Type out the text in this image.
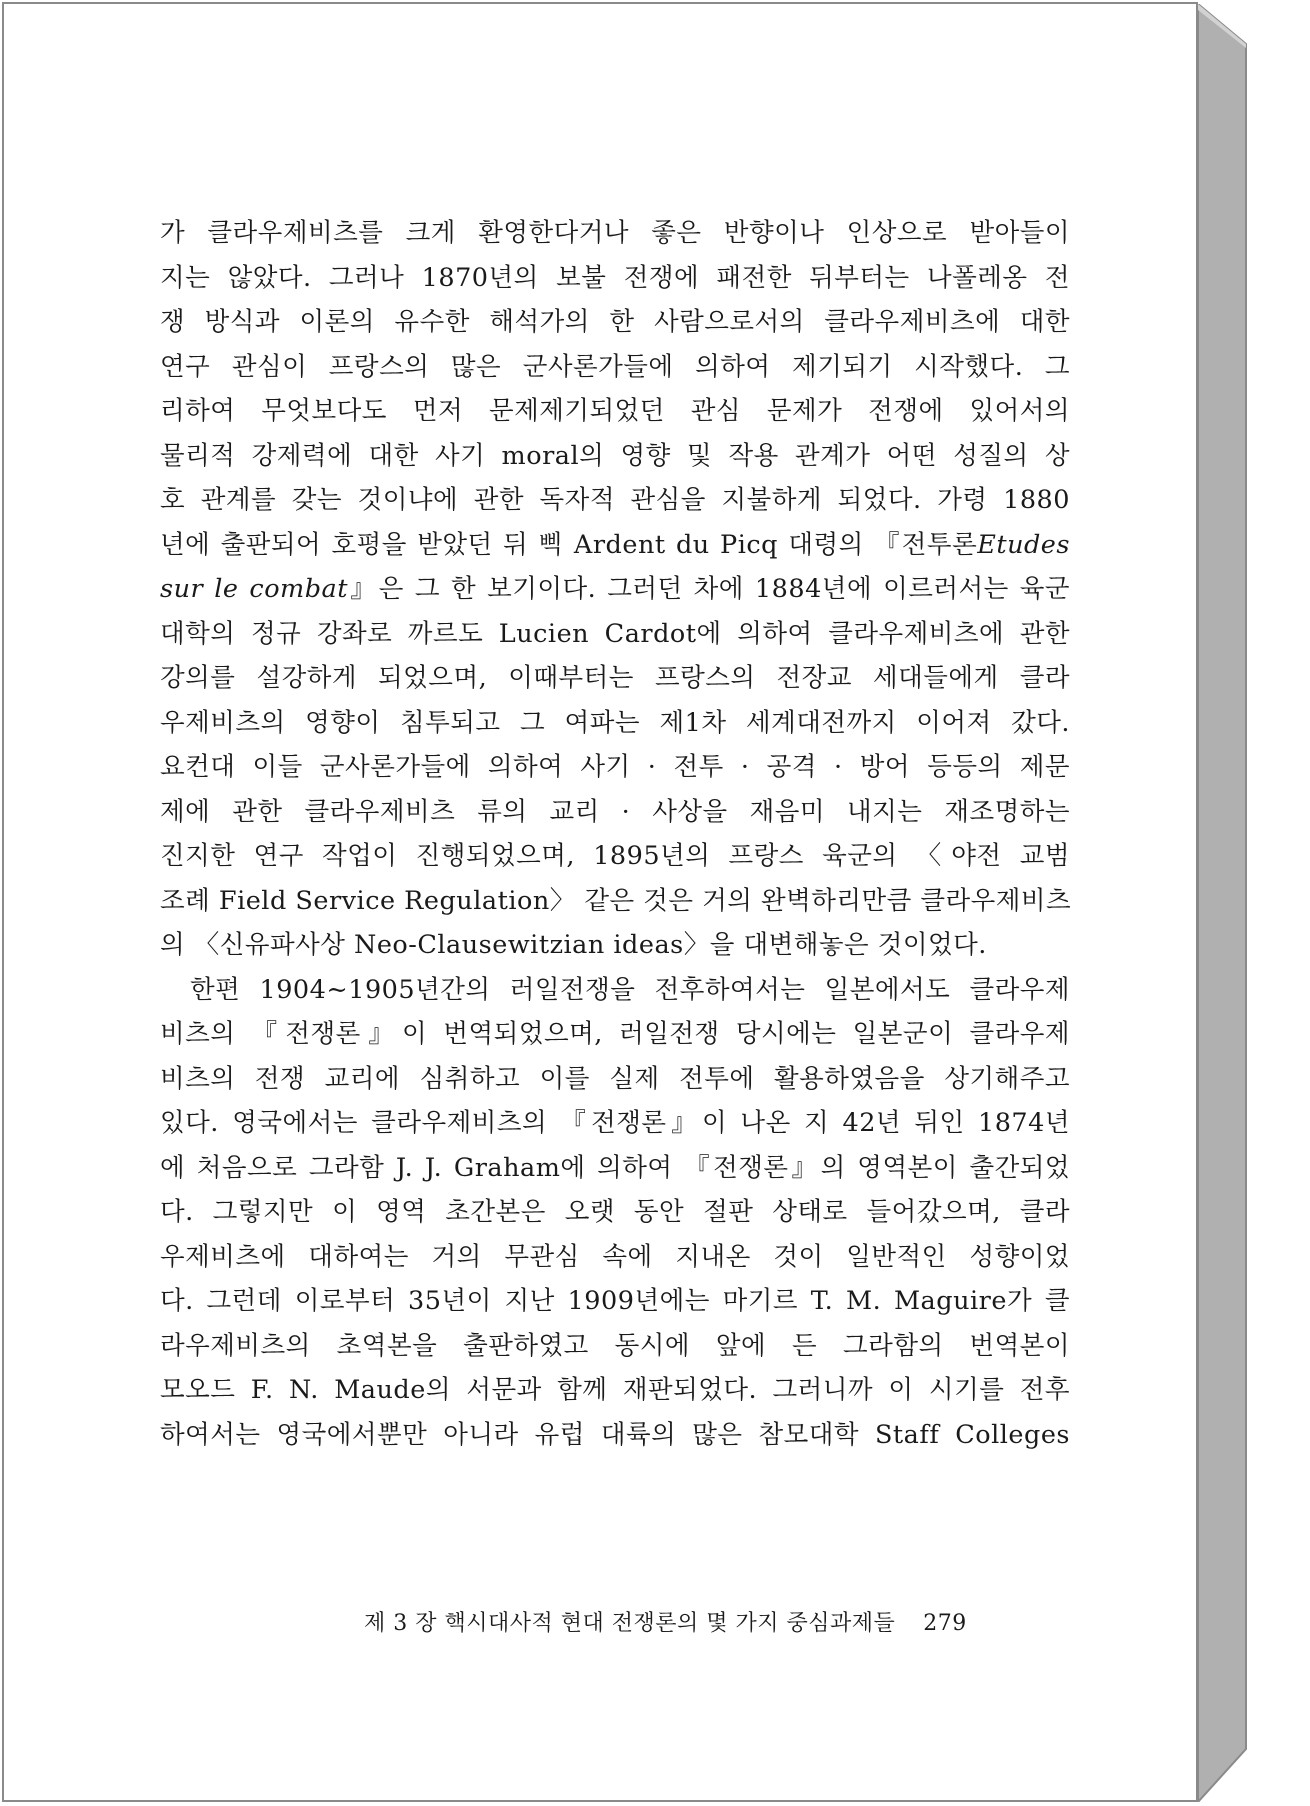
가 클라우제비츠를 크게 환영한다거나 좋은 반향이나 인상으로 받아들이
지는 않았다. 그러나 1870년의 보불 전쟁에 패전한 뒤부터는 나폴레옹 전
쟁 방식과 이론의 유수한 해석가의 한 사람으로서의 클라우제비츠에 대한
연구 관심이 프랑스의 많은 군사론가들에 의하여 제기되기 시작했다. 그
리하여 무엇보다도 먼저 문제제기되었던 관심 문제가 전쟁에 있어서의
물리적 강제력에 대한 사기 moral의 영향 및 작용 관계가 어떤 성질의 상
호 관계를 갖는 것이냐에 관한 독자적 관심을 지불하게 되었다. 가령 1880
년에 출판되어 호평을 받았던 뒤 삑 Ardent du Picq 대령의 『전투론Etudes
sur le combat』은 그 한 보기이다. 그러던 차에 1884년에 이르러서는 육군
대학의 정규 강좌로 까르도 Lucien Cardot에 의하여 클라우제비츠에 관한
강의를 설강하게 되었으며, 이때부터는 프랑스의 전장교 세대들에게 클라
우제비츠의 영향이 침투되고 그 여파는 제1차 세계대전까지 이어져 갔다.
요컨대 이들 군사론가들에 의하여 사기 · 전투 · 공격 · 방어 등등의 제문
제에 관한 클라우제비츠 류의 교리 · 사상을 재음미 내지는 재조명하는
진지한 연구 작업이 진행되었으며, 1895년의 프랑스 육군의 〈야전 교범
조례 Field Service Regulation〉 같은 것은 거의 완벽하리만큼 클라우제비츠
의 〈신유파사상 Neo-Clausewitzian ideas〉을 대변해놓은 것이었다.
한편 1904∼1905년간의 러일전쟁을 전후하여서는 일본에서도 클라우제
비츠의 『전쟁론』이 번역되었으며, 러일전쟁 당시에는 일본군이 클라우제
비츠의 전쟁 교리에 심취하고 이를 실제 전투에 활용하였음을 상기해주고
있다. 영국에서는 클라우제비츠의 『전쟁론』이 나온 지 42년 뒤인 1874년
에 처음으로 그라함 J. J. Graham에 의하여 『전쟁론』의 영역본이 출간되었
다. 그렇지만 이 영역 초간본은 오랫 동안 절판 상태로 들어갔으며, 클라
우제비츠에 대하여는 거의 무관심 속에 지내온 것이 일반적인 성향이었
다. 그런데 이로부터 35년이 지난 1909년에는 마기르 T. M. Maguire가 클
라우제비츠의 초역본을 출판하였고 동시에 앞에 든 그라함의 번역본이
모오드 F. N. Maude의 서문과 함께 재판되었다. 그러니까 이 시기를 전후
하여서는 영국에서뿐만 아니라 유럽 대륙의 많은 참모대학 Staff Colleges
제 3 장 핵시대사적 현대 전쟁론의 몇 가지 중심과제들 279
